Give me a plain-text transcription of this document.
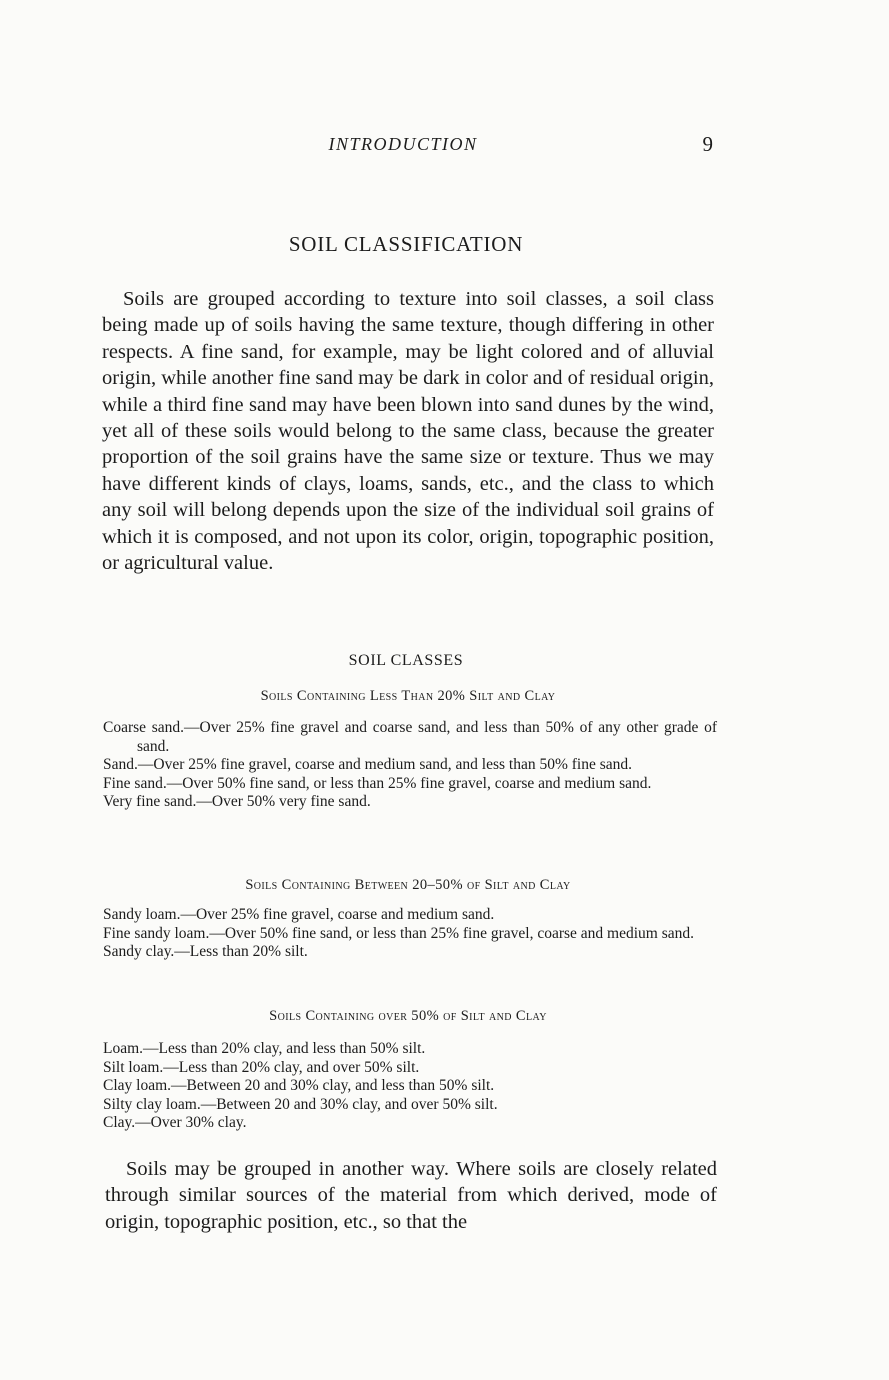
INTRODUCTION	9
SOIL CLASSIFICATION

Soils are grouped according to texture into soil classes, a soil class being made up of soils having the same texture, though differing in other respects. A fine sand, for example, may be light colored and of alluvial origin, while another fine sand may be dark in color and of residual origin, while a third fine sand may have been blown into sand dunes by the wind, yet all of these soils would belong to the same class, because the greater proportion of the soil grains have the same size or texture. Thus we may have different kinds of clays, loams, sands, etc., and the class to which any soil will belong depends upon the size of the individual soil grains of which it is composed, and not upon its color, origin, topographic position, or agricultural value.

SOIL CLASSES
Soils Containing Less Than 20% Silt and Clay
Coarse sand.—Over 25% fine gravel and coarse sand, and less than 50% of any other grade of sand.
Sand.—Over 25% fine gravel, coarse and medium sand, and less than 50% fine sand.
Fine sand.—Over 50% fine sand, or less than 25% fine gravel, coarse and medium sand.
Very fine sand.—Over 50% very fine sand.
Soils Containing Between 20–50% of Silt and Clay
Sandy loam.—Over 25% fine gravel, coarse and medium sand.
Fine sandy loam.—Over 50% fine sand, or less than 25% fine gravel, coarse and medium sand.
Sandy clay.—Less than 20% silt.
Soils Containing over 50% of Silt and Clay
Loam.—Less than 20% clay, and less than 50% silt.
Silt loam.—Less than 20% clay, and over 50% silt.
Clay loam.—Between 20 and 30% clay, and less than 50% silt.
Silty clay loam.—Between 20 and 30% clay, and over 50% silt.
Clay.—Over 30% clay.

Soils may be grouped in another way. Where soils are closely related through similar sources of the material from which derived, mode of origin, topographic position, etc., so that the
